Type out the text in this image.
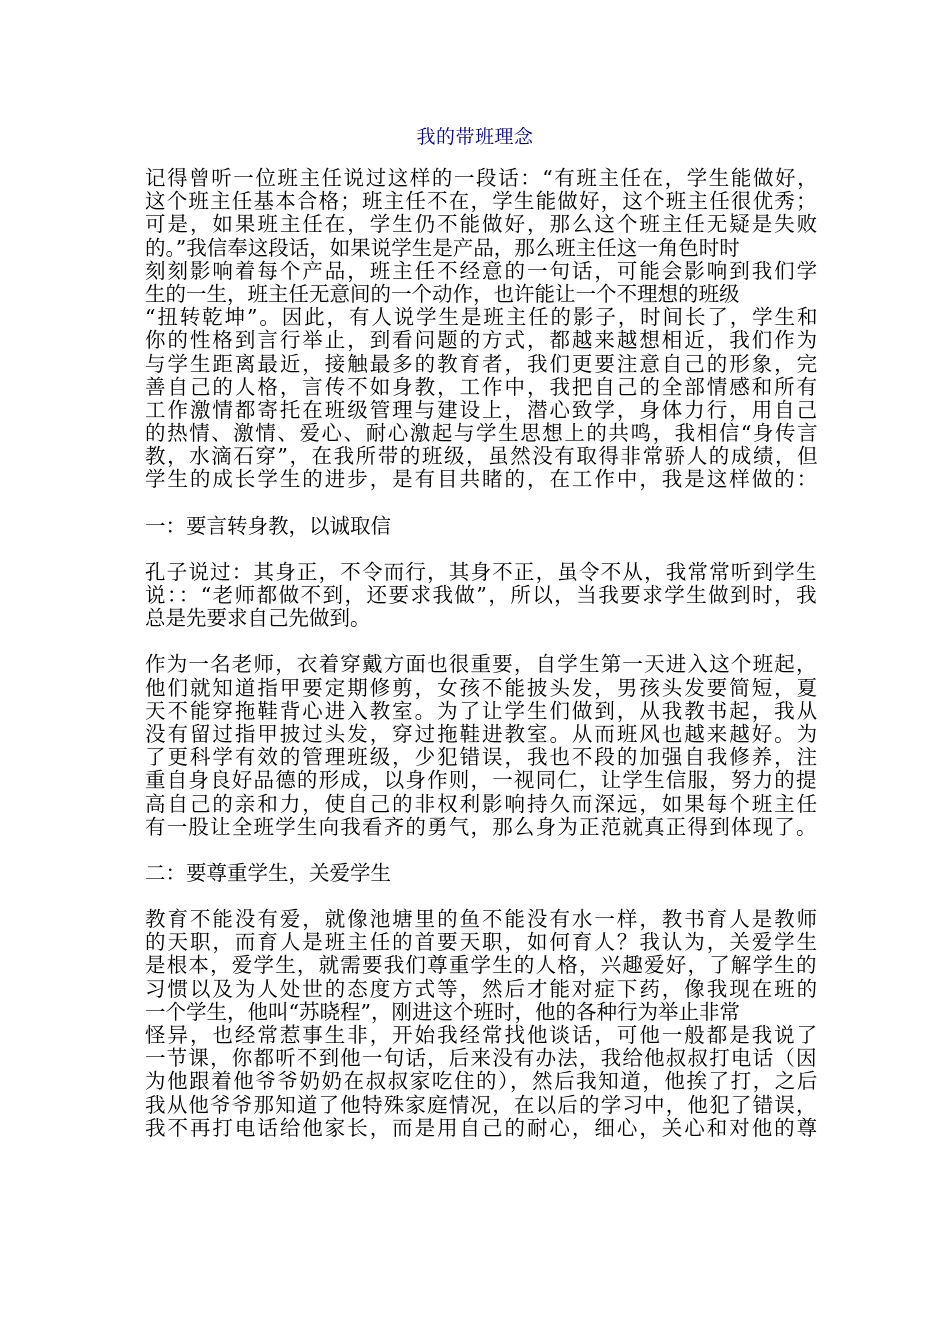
我的带班理念
记得曾听一位班主任说过这样的一段话：“有班主任在，学生能做好，
这个班主任基本合格；班主任不在，学生能做好，这个班主任很优秀；
可是，如果班主任在，学生仍不能做好，那么这个班主任无疑是失败
的。”我信奉这段话，如果说学生是产品，那么班主任这一角色时时
刻刻影响着每个产品，班主任不经意的一句话，可能会影响到我们学
生的一生，班主任无意间的一个动作，也许能让一个不理想的班级
“扭转乾坤”。因此，有人说学生是班主任的影子，时间长了，学生和
你的性格到言行举止，到看问题的方式，都越来越想相近，我们作为
与学生距离最近，接触最多的教育者，我们更要注意自己的形象，完
善自己的人格，言传不如身教，工作中，我把自己的全部情感和所有
工作激情都寄托在班级管理与建设上，潜心致学，身体力行，用自己
的热情、激情、爱心、耐心激起与学生思想上的共鸣，我相信“身传言
教，水滴石穿”，在我所带的班级，虽然没有取得非常骄人的成绩，但
学生的成长学生的进步，是有目共睹的，在工作中，我是这样做的：
一：要言转身教，以诚取信
孔子说过：其身正，不令而行，其身不正，虽令不从，我常常听到学生
说：：“老师都做不到，还要求我做”，所以，当我要求学生做到时，我
总是先要求自己先做到。
作为一名老师，衣着穿戴方面也很重要，自学生第一天进入这个班起，
他们就知道指甲要定期修剪，女孩不能披头发，男孩头发要简短，夏
天不能穿拖鞋背心进入教室。为了让学生们做到，从我教书起，我从
没有留过指甲披过头发，穿过拖鞋进教室。从而班风也越来越好。为
了更科学有效的管理班级，少犯错误，我也不段的加强自我修养，注
重自身良好品德的形成，以身作则，一视同仁，让学生信服，努力的提
高自己的亲和力，使自己的非权利影响持久而深远，如果每个班主任
有一股让全班学生向我看齐的勇气，那么身为正范就真正得到体现了。
二：要尊重学生，关爱学生
教育不能没有爱，就像池塘里的鱼不能没有水一样，教书育人是教师
的天职，而育人是班主任的首要天职，如何育人？我认为，关爱学生
是根本，爱学生，就需要我们尊重学生的人格，兴趣爱好，了解学生的
习惯以及为人处世的态度方式等，然后才能对症下药，像我现在班的
一个学生，他叫“苏晓程”，刚进这个班时，他的各种行为举止非常
怪异，也经常惹事生非，开始我经常找他谈话，可他一般都是我说了
一节课，你都听不到他一句话，后来没有办法，我给他叔叔打电话（因
为他跟着他爷爷奶奶在叔叔家吃住的），然后我知道，他挨了打，之后
我从他爷爷那知道了他特殊家庭情况，在以后的学习中，他犯了错误，
我不再打电话给他家长，而是用自己的耐心，细心，关心和对他的尊
